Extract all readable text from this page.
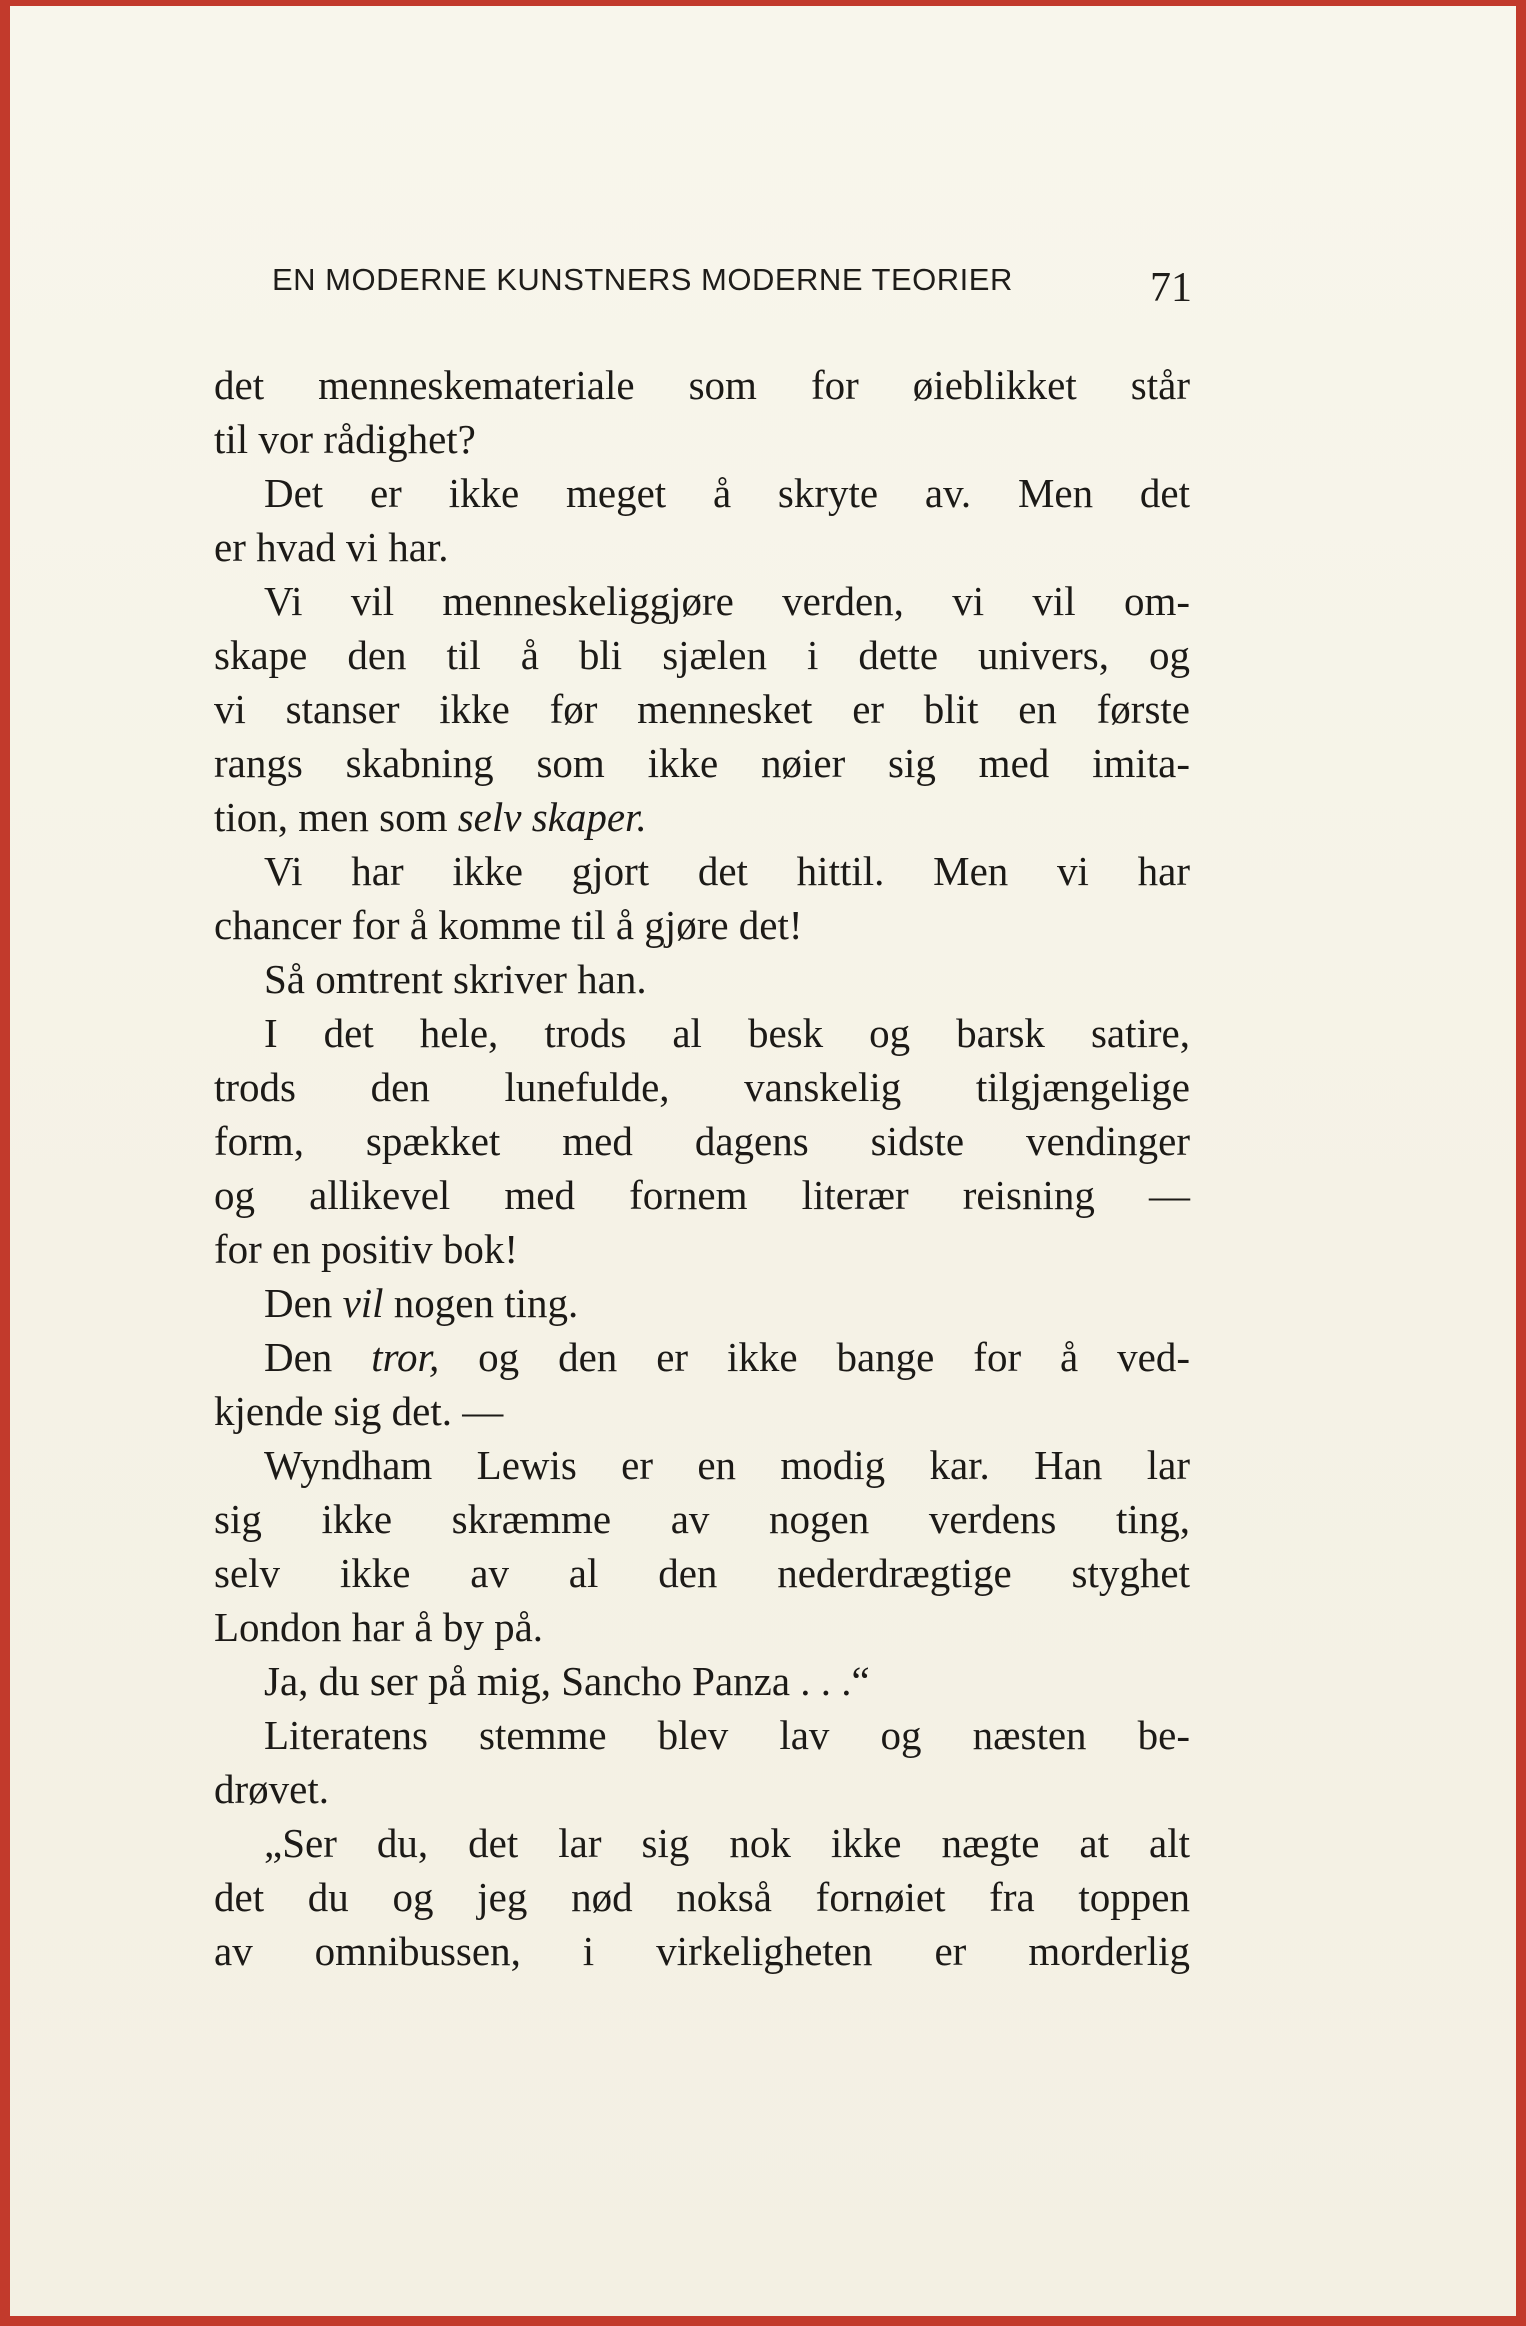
EN MODERNE KUNSTNERS MODERNE TEORIER	71
det menneskemateriale som for øieblikket står
til vor rådighet?
Det er ikke meget å skryte av. Men det
er hvad vi har.
Vi vil menneskeliggjøre verden, vi vil om-
skape den til å bli sjælen i dette univers, og
vi stanser ikke før mennesket er blit en første
rangs skabning som ikke nøier sig med imita-
tion, men som selv skaper.
Vi har ikke gjort det hittil. Men vi har
chancer for å komme til å gjøre det!
Så omtrent skriver han.
I det hele, trods al besk og barsk satire,
trods den lunefulde, vanskelig tilgjængelige
form, spækket med dagens sidste vendinger
og allikevel med fornem literær reisning —
for en positiv bok!
Den vil nogen ting.
Den tror, og den er ikke bange for å ved-
kjende sig det. —
Wyndham Lewis er en modig kar. Han lar
sig ikke skræmme av nogen verdens ting,
selv ikke av al den nederdrægtige styghet
London har å by på.
Ja, du ser på mig, Sancho Panza . . .“
Literatens stemme blev lav og næsten be-
drøvet.
„Ser du, det lar sig nok ikke nægte at alt
det du og jeg nød nokså fornøiet fra toppen
av omnibussen, i virkeligheten er morderlig
